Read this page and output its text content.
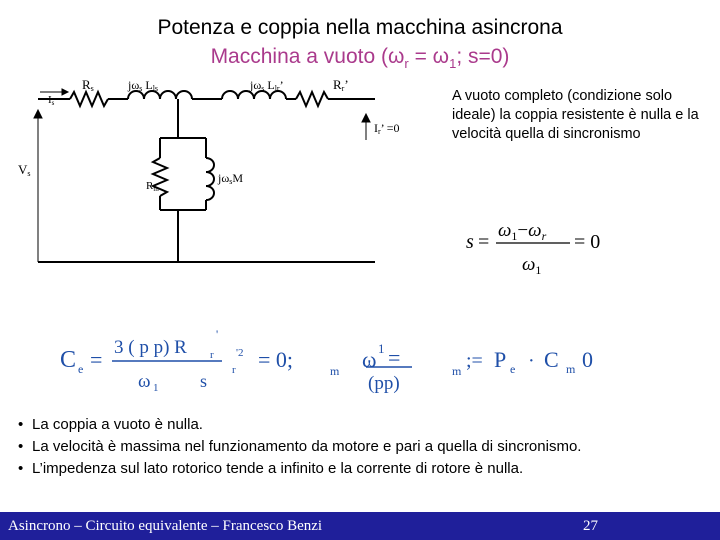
Potenza e coppia nella macchina asincrona
Macchina a vuoto ($\omega_r = \omega_1$; s=0)
Rs	jωs Lls	jωs Llr’	Rr’
Is
Ir’ =0
Vs
Rm
jωsM
A vuoto completo (condizione solo ideale) la coppia resistente è nulla e la velocità quella di sincronismo
s =
$\omega_1-\omega_r$
$\omega_1$
= 0
C e = 3 ( p p) R
'
r
ω 1 s
'2
r = 0;	m ω 1 =
(pp)
m ;= P e · C m 0
• La coppia a vuoto è nulla.
• La velocità è massima nel funzionamento da motore e pari a quella di sincronismo.
• L’impedenza sul lato rotorico tende a infinito e la corrente di rotore è nulla.
Asincrono – Circuito equivalente – Francesco Benzi	27
